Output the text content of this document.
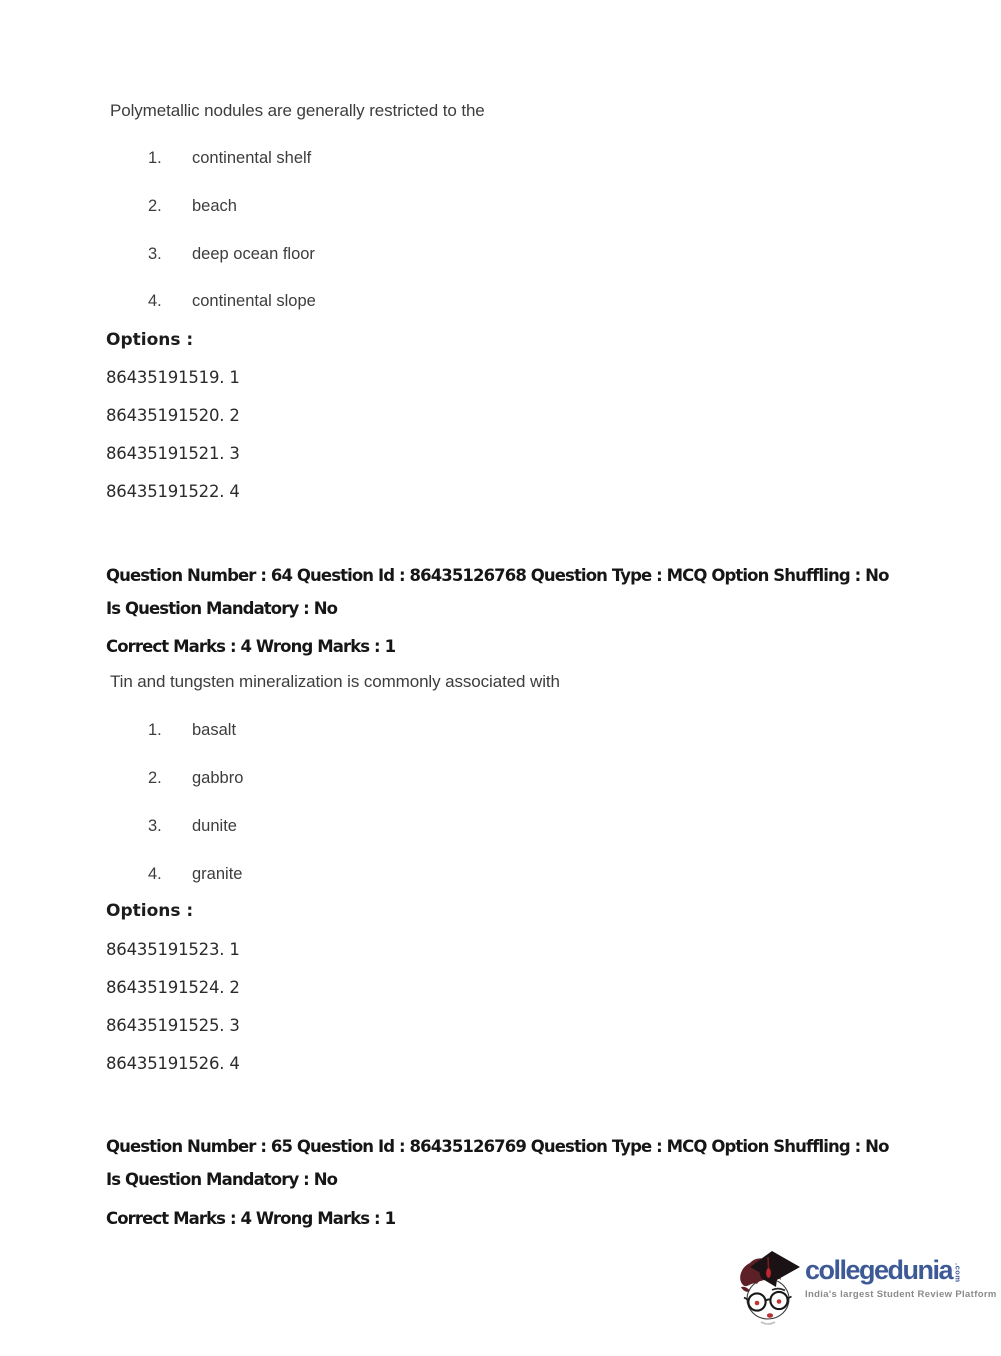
Polymetallic nodules are generally restricted to the
1.	continental shelf
2.	beach
3.	deep ocean floor
4.	continental slope
Options :
86435191519. 1
86435191520. 2
86435191521. 3
86435191522. 4
Question Number : 64 Question Id : 86435126768 Question Type : MCQ Option Shuffling : No
Is Question Mandatory : No
Correct Marks : 4 Wrong Marks : 1
Tin and tungsten mineralization is commonly associated with
1.	basalt
2.	gabbro
3.	dunite
4.	granite
Options :
86435191523. 1
86435191524. 2
86435191525. 3
86435191526. 4
Question Number : 65 Question Id : 86435126769 Question Type : MCQ Option Shuffling : No
Is Question Mandatory : No
Correct Marks : 4 Wrong Marks : 1
collegedunia .com
India's largest Student Review Platform
